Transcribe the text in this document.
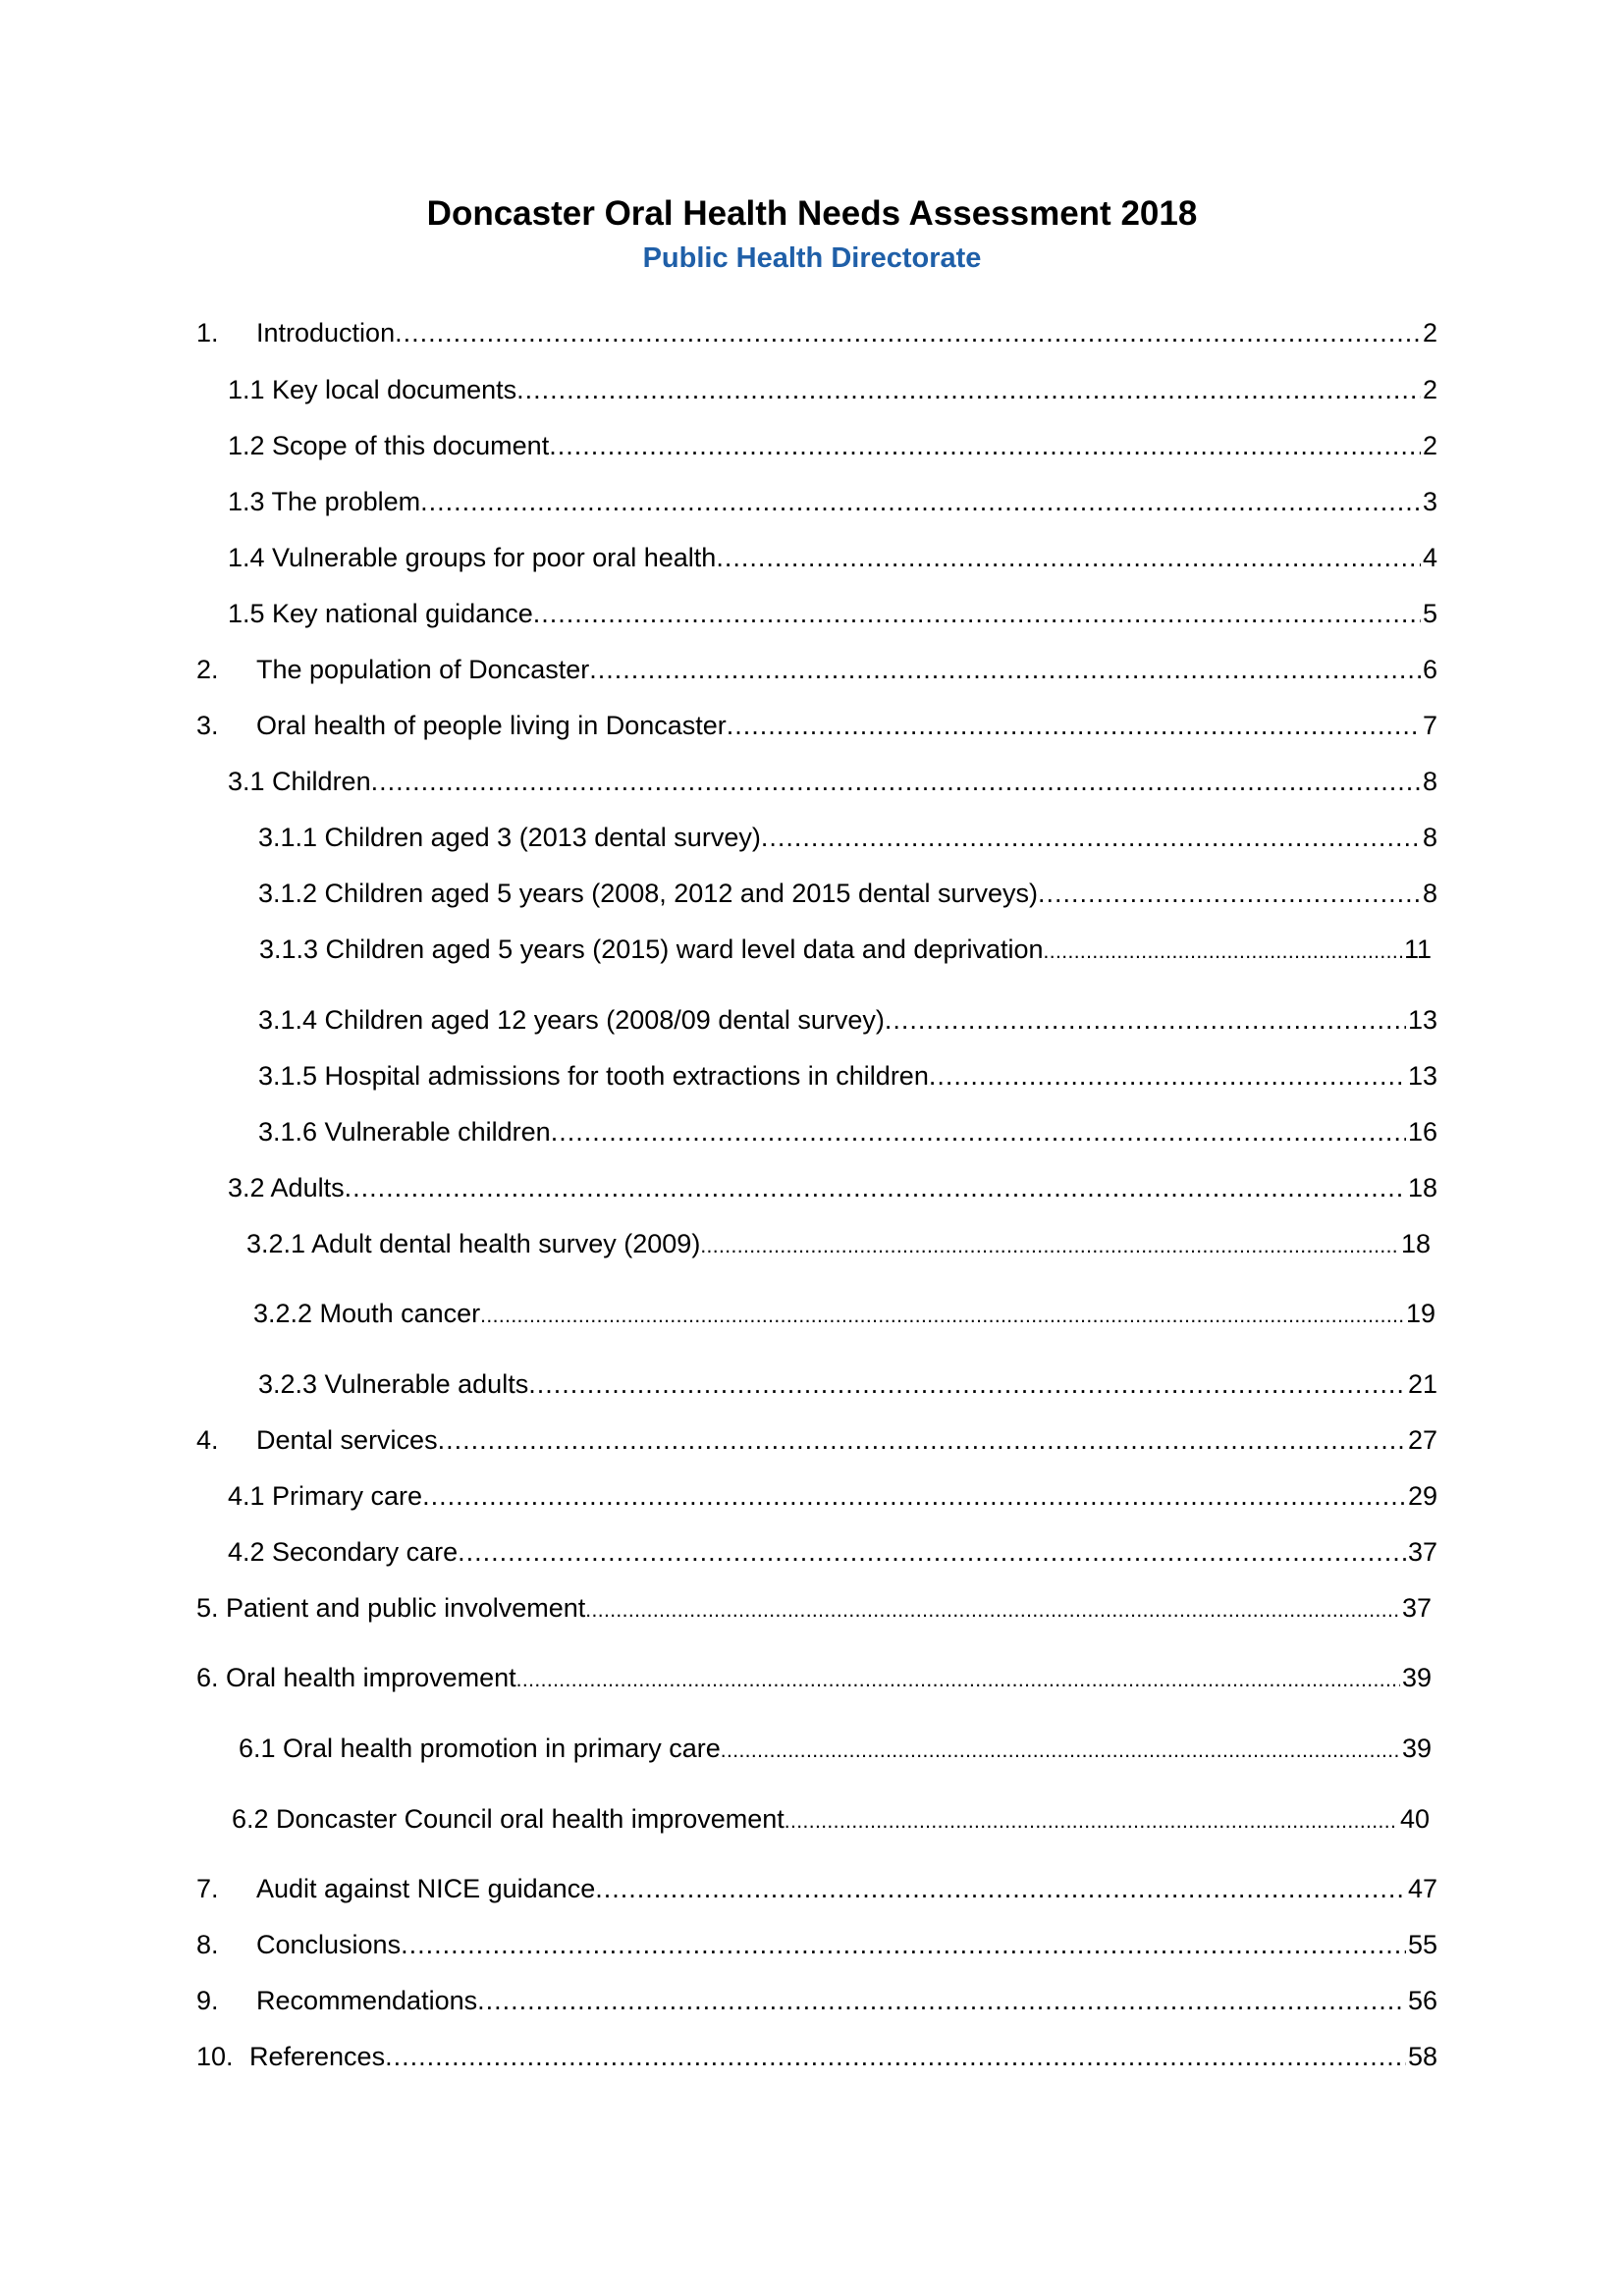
Doncaster Oral Health Needs Assessment 2018
Public Health Directorate
1.	Introduction .....	2
1.1 Key local documents .....	2
1.2 Scope of this document .....	2
1.3 The problem .....	3
1.4 Vulnerable groups for poor oral health .....	4
1.5 Key national guidance .....	5
2.	The population of Doncaster .....	6
3.	Oral health of people living in Doncaster .....	7
3.1 Children .....	8
3.1.1 Children aged 3 (2013 dental survey) .....	8
3.1.2 Children aged 5 years (2008, 2012 and 2015 dental surveys) .....	8
3.1.3 Children aged 5 years (2015) ward level data and deprivation .....	11
3.1.4 Children aged 12 years (2008/09 dental survey) .....	13
3.1.5 Hospital admissions for tooth extractions in children .....	13
3.1.6 Vulnerable children .....	16
3.2 Adults .....	18
3.2.1 Adult dental health survey (2009) .....	18
3.2.2 Mouth cancer .....	19
3.2.3 Vulnerable adults .....	21
4.	Dental services .....	27
4.1 Primary care .....	29
4.2 Secondary care .....	37
5. Patient and public involvement .....	37
6. Oral health improvement .....	39
6.1 Oral health promotion in primary care .....	39
6.2 Doncaster Council oral health improvement .....	40
7.	Audit against NICE guidance .....	47
8.	Conclusions .....	55
9.	Recommendations .....	56
10. References .....	58
